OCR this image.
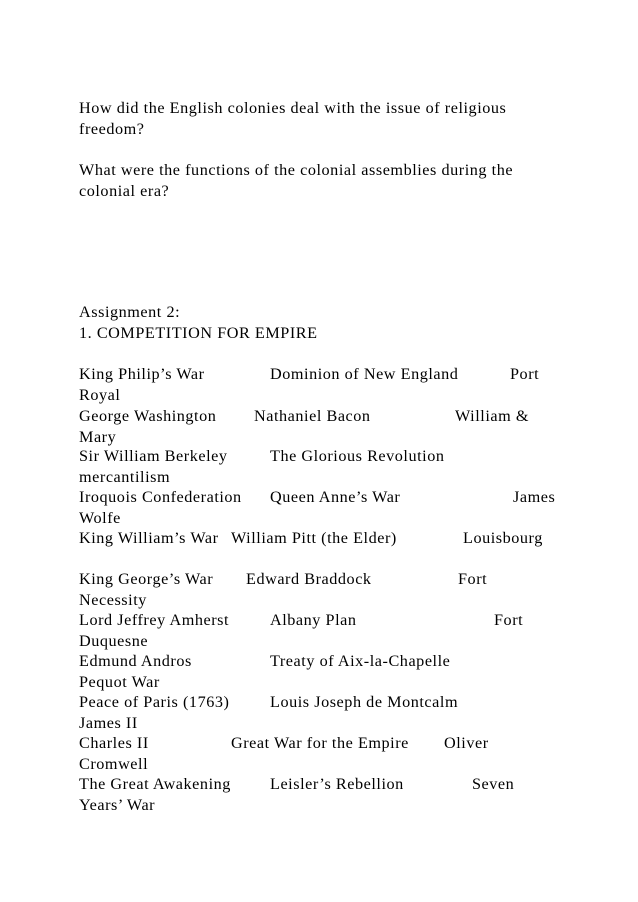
How did the English colonies deal with the issue of religious
freedom?
What were the functions of the colonial assemblies during the
colonial era?
Assignment 2:
1. COMPETITION FOR EMPIRE
King Philip’s War	Dominion of New England	Port
Royal
George Washington Nathaniel Bacon	William &
Mary
Sir William Berkeley	The Glorious Revolution
mercantilism
Iroquois Confederation Queen Anne’s War	James
Wolfe
King William’s War William Pitt (the Elder)	Louisbourg
King George’s War Edward Braddock	Fort
Necessity
Lord Jeffrey Amherst	Albany Plan	Fort
Duquesne
Edmund Andros	Treaty of Aix-la-Chapelle
Pequot War
Peace of Paris (1763)	Louis Joseph de Montcalm
James II
Charles II	Great War for the Empire Oliver
Cromwell
The Great Awakening Leisler’s Rebellion	Seven
Years’ War
